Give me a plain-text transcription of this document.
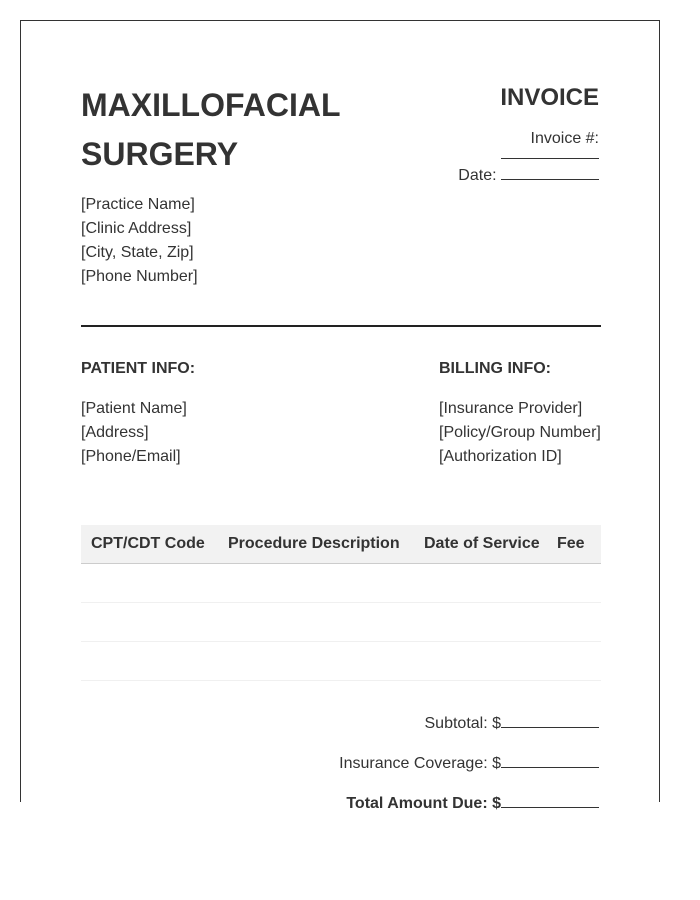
MAXILLOFACIAL SURGERY
[Practice Name]
[Clinic Address]
[City, State, Zip]
[Phone Number]
INVOICE
Invoice #:
Date:
PATIENT INFO:	BILLING INFO:
[Patient Name]
[Address]
[Phone/Email]
[Insurance Provider]
[Policy/Group Number]
[Authorization ID]
CPT/CDT Code	Procedure Description	Date of Service	Fee
Subtotal: $
Insurance Coverage: $
Total Amount Due: $
